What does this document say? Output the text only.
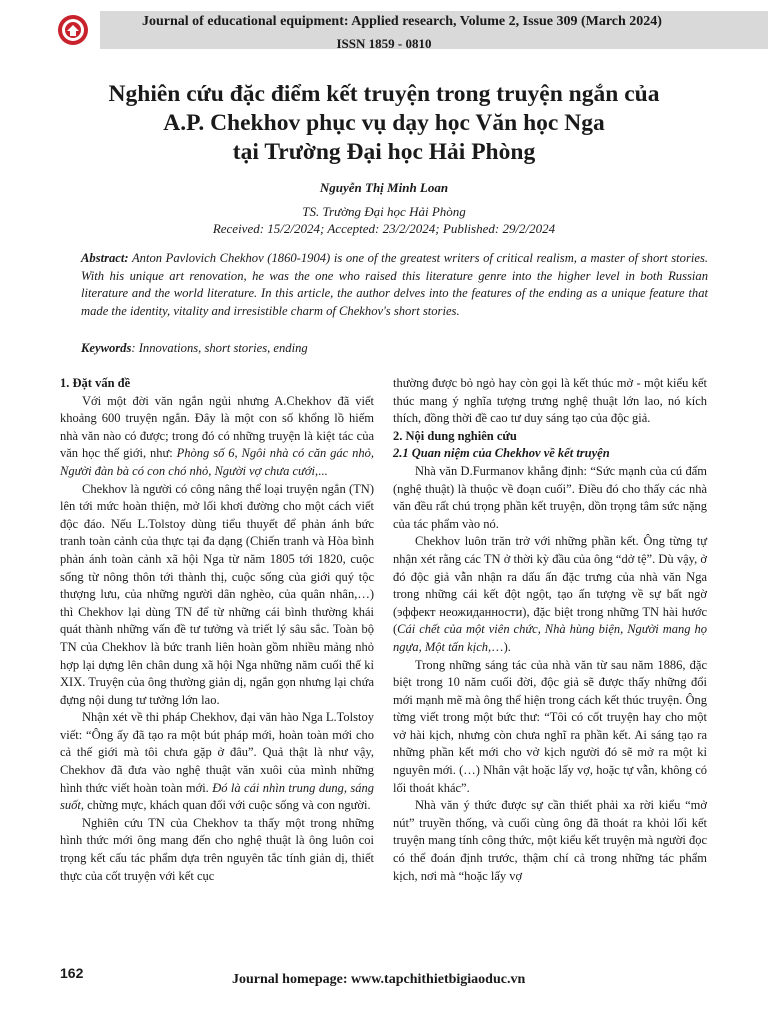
Journal of educational equipment: Applied research, Volume 2, Issue 309 (March 2024)
ISSN 1859 - 0810
Nghiên cứu đặc điểm kết truyện trong truyện ngắn của
A.P. Chekhov phục vụ dạy học Văn học Nga
tại Trường Đại học Hải Phòng
Nguyễn Thị Minh Loan
TS. Trường Đại học Hải Phòng
Received: 15/2/2024; Accepted: 23/2/2024; Published: 29/2/2024
Abstract: Anton Pavlovich Chekhov (1860-1904) is one of the greatest writers of critical realism, a master of short stories. With his unique art renovation, he was the one who raised this literature genre into the higher level in both Russian literature and the world literature. In this article, the author delves into the features of the ending as a unique feature that made the identity, vitality and irresistible charm of Chekhov's short stories.
Keywords: Innovations, short stories, ending

1. Đặt vấn đề

Với một đời văn ngắn ngủi nhưng A.Chekhov đã viết khoảng 600 truyện ngắn. Đây là một con số khổng lồ hiếm nhà văn nào có được; trong đó có những truyện là kiệt tác của văn học thế giới, như: Phòng số 6, Ngôi nhà có căn gác nhỏ, Người đàn bà có con chó nhỏ, Người vợ chưa cưới,...

Chekhov là người có công nâng thể loại truyện ngắn (TN) lên tới mức hoàn thiện, mở lối khơi đường cho một cách viết độc đáo. Nếu L.Tolstoy dùng tiểu thuyết để phản ánh bức tranh toàn cảnh của thực tại đa dạng (Chiến tranh và Hòa bình phản ánh toàn cảnh xã hội Nga từ năm 1805 tới 1820, cuộc sống từ nông thôn tới thành thị, cuộc sống của giới quý tộc thượng lưu, của những người dân nghèo, của quân nhân,…) thì Chekhov lại dùng TN để từ những cái bình thường khái quát thành những vấn đề tư tưởng và triết lý sâu sắc. Toàn bộ TN của Chekhov là bức tranh liên hoàn gồm nhiều mảng nhỏ hợp lại dựng lên chân dung xã hội Nga những năm cuối thế kỉ XIX. Truyện của ông thường giản dị, ngắn gọn nhưng lại chứa đựng nội dung tư tưởng lớn lao.

Nhận xét về thi pháp Chekhov, đại văn hào Nga L.Tolstoy viết: “Ông ấy đã tạo ra một bút pháp mới, hoàn toàn mới cho cả thế giới mà tôi chưa gặp ở đâu”. Quả thật là như vậy, Chekhov đã đưa vào nghệ thuật văn xuôi của mình những hình thức viết hoàn toàn mới. Đó là cái nhìn trung dung, sáng suốt, chừng mực, khách quan đối với cuộc sống và con người.

Nghiên cứu TN của Chekhov ta thấy một trong những hình thức mới ông mang đến cho nghệ thuật là ông luôn coi trọng kết cấu tác phẩm dựa trên nguyên tắc tính giản dị, thiết thực của cốt truyện với kết cục

thường được bỏ ngỏ hay còn gọi là kết thúc mở - một kiểu kết thúc mang ý nghĩa tượng trưng nghệ thuật lớn lao, nó kích thích, đồng thời đề cao tư duy sáng tạo của độc giả.

2. Nội dung nghiên cứu

2.1 Quan niệm của Chekhov về kết truyện

Nhà văn D.Furmanov khẳng định: “Sức mạnh của cú đấm (nghệ thuật) là thuộc về đoạn cuối”. Điều đó cho thấy các nhà văn đều rất chú trọng phần kết truyện, dồn trọng tâm sức nặng của tác phẩm vào nó.

Chekhov luôn trăn trở với những phần kết. Ông từng tự nhận xét rằng các TN ở thời kỳ đầu của ông “dở tệ”. Dù vậy, ở đó độc giả vẫn nhận ra dấu ấn đặc trưng của nhà văn Nga trong những cái kết đột ngột, tạo ấn tượng về sự bất ngờ (эффект неожиданности), đặc biệt trong những TN hài hước (Cái chết của một viên chức, Nhà hùng biện, Người mang họ ngựa, Một tấn kịch,…).

Trong những sáng tác của nhà văn từ sau năm 1886, đặc biệt trong 10 năm cuối đời, độc giả sẽ được thấy những đổi mới mạnh mẽ mà ông thể hiện trong cách kết thúc truyện. Ông từng viết trong một bức thư: “Tôi có cốt truyện hay cho một vở hài kịch, nhưng còn chưa nghĩ ra phần kết. Ai sáng tạo ra những phần kết mới cho vở kịch người đó sẽ mở ra một kỉ nguyên mới. (…) Nhân vật hoặc lấy vợ, hoặc tự vẫn, không có lối thoát khác”.

Nhà văn ý thức được sự cần thiết phải xa rời kiểu “mở nút” truyền thống, và cuối cùng ông đã thoát ra khỏi lối kết truyện mang tính công thức, một kiểu kết truyện mà người đọc có thể đoán định trước, thậm chí cả trong những tác phẩm kịch, nơi mà “hoặc lấy vợ

162	Journal homepage: www.tapchithietbigiaoduc.vn
